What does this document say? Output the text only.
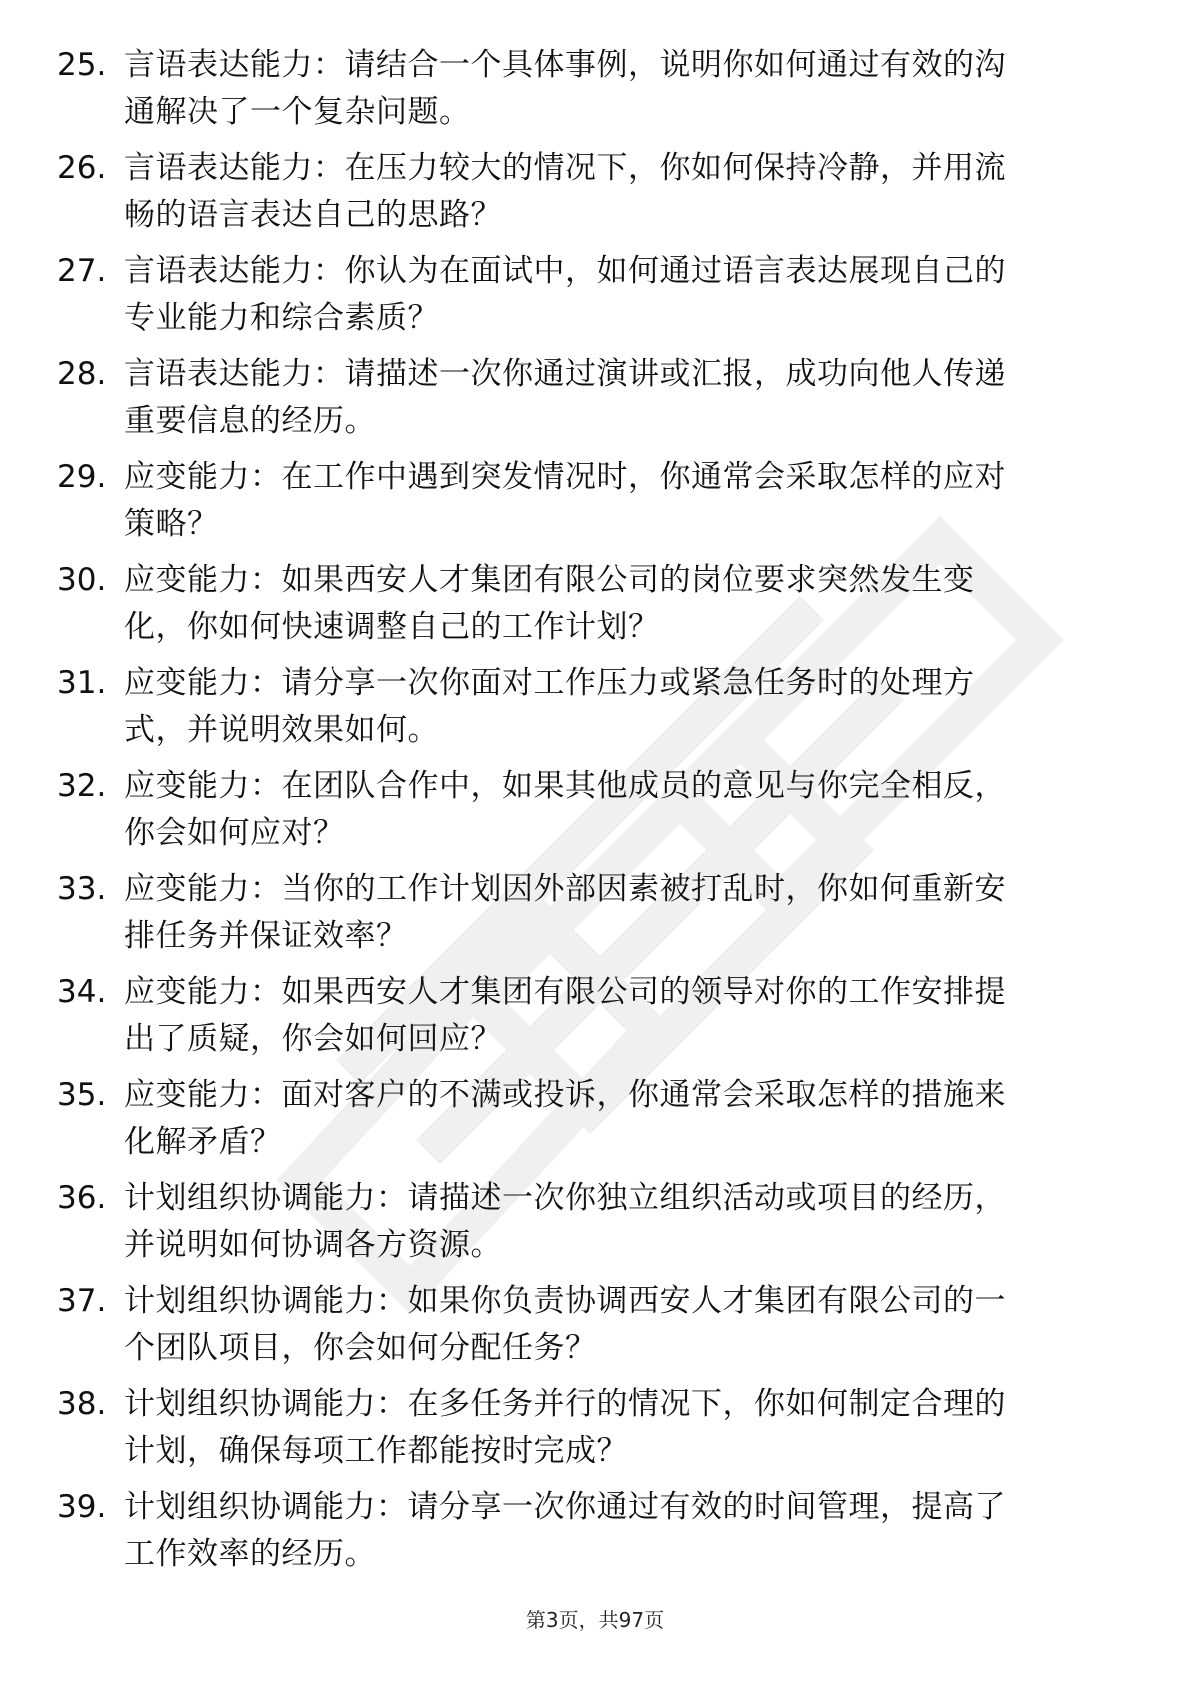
25. 言语表达能力：请结合一个具体事例，说明你如何通过有效的沟
通解决了一个复杂问题。
26. 言语表达能力：在压力较大的情况下，你如何保持冷静，并用流
畅的语言表达自己的思路？
27. 言语表达能力：你认为在面试中，如何通过语言表达展现自己的
专业能力和综合素质？
28. 言语表达能力：请描述一次你通过演讲或汇报，成功向他人传递
重要信息的经历。
29. 应变能力：在工作中遇到突发情况时，你通常会采取怎样的应对
策略？
30. 应变能力：如果西安人才集团有限公司的岗位要求突然发生变
化，你如何快速调整自己的工作计划？
31. 应变能力：请分享一次你面对工作压力或紧急任务时的处理方
式，并说明效果如何。
32. 应变能力：在团队合作中，如果其他成员的意见与你完全相反，
你会如何应对？
33. 应变能力：当你的工作计划因外部因素被打乱时，你如何重新安
排任务并保证效率？
34. 应变能力：如果西安人才集团有限公司的领导对你的工作安排提
出了质疑，你会如何回应？
35. 应变能力：面对客户的不满或投诉，你通常会采取怎样的措施来
化解矛盾？
36. 计划组织协调能力：请描述一次你独立组织活动或项目的经历，
并说明如何协调各方资源。
37. 计划组织协调能力：如果你负责协调西安人才集团有限公司的一
个团队项目，你会如何分配任务？
38. 计划组织协调能力：在多任务并行的情况下，你如何制定合理的
计划，确保每项工作都能按时完成？
39. 计划组织协调能力：请分享一次你通过有效的时间管理，提高了
工作效率的经历。
第3页，共97页
